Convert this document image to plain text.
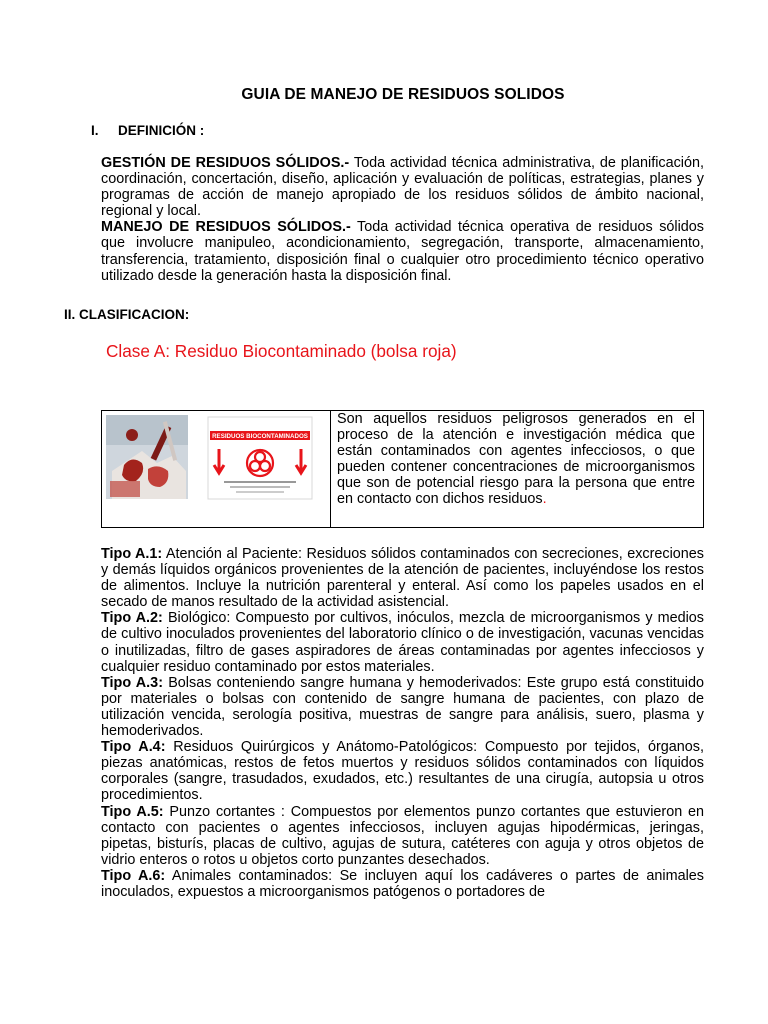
GUIA DE MANEJO DE RESIDUOS SOLIDOS
I. DEFINICIÓN :

GESTIÓN DE RESIDUOS SÓLIDOS.- Toda actividad técnica administrativa, de planificación, coordinación, concertación, diseño, aplicación y evaluación de políticas, estrategias, planes y programas de acción de manejo apropiado de los residuos sólidos de ámbito nacional, regional y local.

MANEJO DE RESIDUOS SÓLIDOS.- Toda actividad técnica operativa de residuos sólidos que involucre manipuleo, acondicionamiento, segregación, transporte, almacenamiento, transferencia, tratamiento, disposición final o cualquier otro procedimiento técnico operativo utilizado desde la generación hasta la disposición final.

II. CLASIFICACION:
Clase A: Residuo Biocontaminado (bolsa roja)
RESIDUOS BIOCONTAMINADOS
Son aquellos residuos peligrosos generados en el proceso de la atención e investigación médica que están contaminados con agentes infecciosos, o que pueden contener concentraciones de microorganismos que son de potencial riesgo para la persona que entre en contacto con dichos residuos.

Tipo A.1: Atención al Paciente: Residuos sólidos contaminados con secreciones, excreciones y demás líquidos orgánicos provenientes de la atención de pacientes, incluyéndose los restos de alimentos. Incluye la nutrición parenteral y enteral. Así como los papeles usados en el secado de manos resultado de la actividad asistencial.

Tipo A.2: Biológico: Compuesto por cultivos, inóculos, mezcla de microorganismos y medios de cultivo inoculados provenientes del laboratorio clínico o de investigación, vacunas vencidas o inutilizadas, filtro de gases aspiradores de áreas contaminadas por agentes infecciosos y cualquier residuo contaminado por estos materiales.

Tipo A.3: Bolsas conteniendo sangre humana y hemoderivados: Este grupo está constituido por materiales o bolsas con contenido de sangre humana de pacientes, con plazo de utilización vencida, serología positiva, muestras de sangre para análisis, suero, plasma y hemoderivados.

Tipo A.4: Residuos Quirúrgicos y Anátomo-Patológicos: Compuesto por tejidos, órganos, piezas anatómicas, restos de fetos muertos y residuos sólidos contaminados con líquidos corporales (sangre, trasudados, exudados, etc.) resultantes de una cirugía, autopsia u otros procedimientos.

Tipo A.5: Punzo cortantes : Compuestos por elementos punzo cortantes que estuvieron en contacto con pacientes o agentes infecciosos, incluyen agujas hipodérmicas, jeringas, pipetas, bisturís, placas de cultivo, agujas de sutura, catéteres con aguja y otros objetos de vidrio enteros o rotos u objetos corto punzantes desechados.

Tipo A.6: Animales contaminados: Se incluyen aquí los cadáveres o partes de animales inoculados, expuestos a microorganismos patógenos o portadores de
